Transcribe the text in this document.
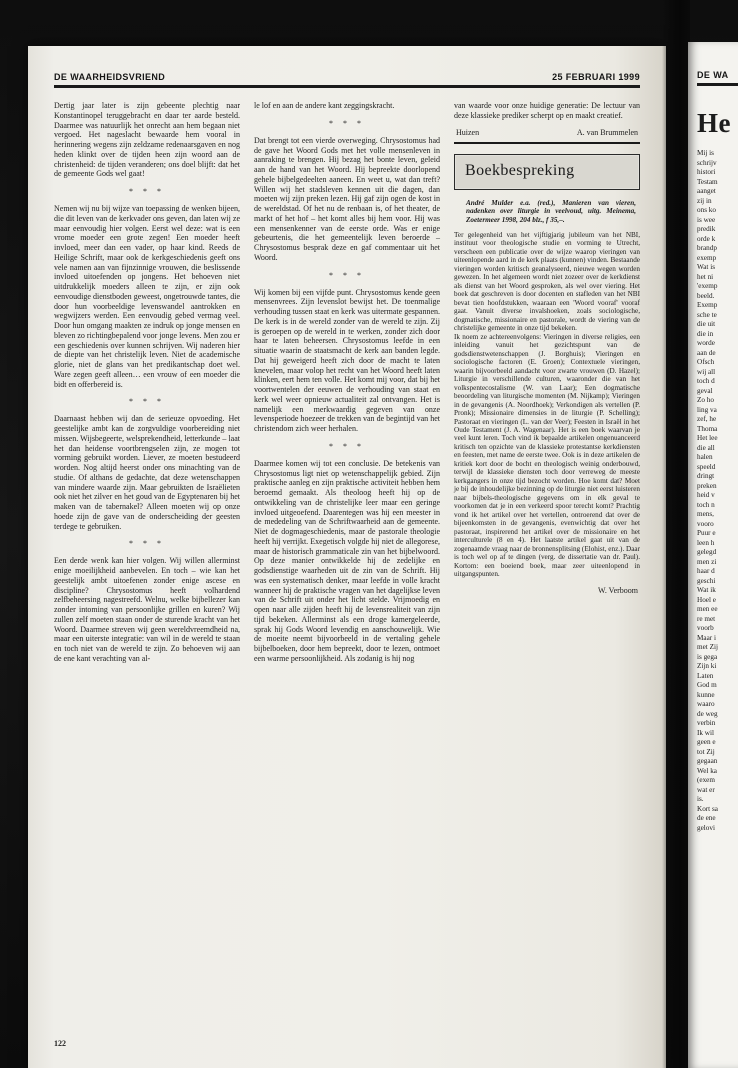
DE WAARHEIDSVRIEND	25 FEBRUARI 1999

Dertig jaar later is zijn gebeente plechtig naar Konstantinopel teruggebracht en daar ter aarde besteld. Daarmee was natuurlijk het onrecht aan hem begaan niet vergoed. Het nageslacht bewaarde hem vooral in herinnering wegens zijn zeldzame redenaarsgaven en nog heden klinkt over de tijden heen zijn woord aan de christenheid: de tijden veranderen; ons doel blijft: dat het de gemeente Gods wel gaat!

* * *

Nemen wij nu bij wijze van toepassing de wenken bijeen, die dit leven van de kerkvader ons geven, dan laten wij ze maar eenvoudig hier volgen. Eerst wel deze: wat is een vrome moeder een grote zegen! Een moeder heeft invloed, meer dan een vader, op haar kind. Reeds de Heilige Schrift, maar ook de kerkgeschiedenis geeft ons vele namen aan van fijnzinnige vrouwen, die beslissende invloed uitoefenden op jongens. Het behoeven niet uitdrukkelijk moeders alleen te zijn, er zijn ook eenvoudige dienstboden geweest, ongetrouwde tantes, die door hun voorbeeldige levenswandel aantrokken en wegwijzers werden. Een eenvoudig gebed vermag veel. Door hun omgang maakten ze indruk op jonge mensen en bleven zo richtingbepalend voor jonge levens. Men zou er een geschiedenis over kunnen schrijven. Wij naderen hier de diepte van het christelijk leven. Niet de academische glorie, niet de glans van het predikantschap doet wel. Ware zegen geeft alleen… een vrouw of een moeder die bidt en offerbereid is.

* * *

Daarnaast hebben wij dan de serieuze opvoeding. Het geestelijke ambt kan de zorgvuldige voorbereiding niet missen. Wijsbegeerte, welsprekendheid, letterkunde – laat het dan heidense voortbrengselen zijn, ze mogen tot vorming gebruikt worden. Liever, ze moeten bestudeerd worden. Nog altijd heerst onder ons minachting van de studie. Of althans de gedachte, dat deze wetenschappen van mindere waarde zijn. Maar gebruikten de Israëlieten ook niet het zilver en het goud van de Egyptenaren bij het maken van de tabernakel? Alleen moeten wij op onze hoede zijn de gave van de onderscheiding der geesten terdege te gebruiken.

* * *

Een derde wenk kan hier volgen. Wij willen allerminst enige moeilijkheid aanbevelen. En toch – wie kan het geestelijk ambt uitoefenen zonder enige ascese en discipline? Chrysostomus heeft volhardend zelfbeheersing nagestreefd. Welnu, welke bijbellezer kan zonder intoming van persoonlijke grillen en kuren? Wij zullen zelf moeten staan onder de sturende kracht van het Woord. Daarmee streven wij geen wereldvreemdheid na, maar een uiterste integratie: van wil in de wereld te staan en toch niet van de wereld te zijn. Zo behoeven wij aan de ene kant verachting van al-

le lof en aan de andere kant zeggingskracht.

* * *

Dat brengt tot een vierde overweging. Chrysostomus had de gave het Woord Gods met het volle mensenleven in aanraking te brengen. Hij bezag het bonte leven, geleid aan de hand van het Woord. Hij bepreekte doorlopend gehele bijbelgedeelten aaneen. En weet u, wat dan treft? Willen wij het stadsleven kennen uit die dagen, dan moeten wij zijn preken lezen. Hij gaf zijn ogen de kost in de wereldstad. Of het nu de renbaan is, of het theater, de markt of het hof – het komt alles bij hem voor. Hij was een mensenkenner van de eerste orde. Was er enige gebeurtenis, die het gemeentelijk leven beroerde – Chrysostomus besprak deze en gaf commentaar uit het Woord.

* * *

Wij komen bij een vijfde punt. Chrysostomus kende geen mensenvrees. Zijn levenslot bewijst het. De toenmalige verhouding tussen staat en kerk was uitermate gespannen. De kerk is in de wereld zonder van de wereld te zijn. Zij is geroepen op de wereld in te werken, zonder zich door haar te laten beheersen. Chrysostomus leefde in een situatie waarin de staatsmacht de kerk aan banden legde. Dat hij geweigerd heeft zich door de macht te laten knevelen, maar volop het recht van het Woord heeft laten klinken, eert hem ten volle. Het komt mij voor, dat bij het voortwentelen der eeuwen de verhouding van staat en kerk wel weer opnieuw actualiteit zal ontvangen. Het is namelijk een merkwaardig gegeven van onze levensperiode hoezeer de trekken van de begintijd van het christendom zich weer herhalen.

* * *

Daarmee komen wij tot een conclusie. De betekenis van Chrysostomus ligt niet op wetenschappelijk gebied. Zijn praktische aanleg en zijn praktische activiteit hebben hem beroemd gemaakt. Als theoloog heeft hij op de ontwikkeling van de christelijke leer maar een geringe invloed uitgeoefend. Daarentegen was hij een meester in de mededeling van de Schriftwaarheid aan de gemeente. Niet de dogmageschiedenis, maar de pastorale theologie heeft hij verrijkt. Exegetisch volgde hij niet de allegorese, maar de historisch grammaticale zin van het bijbelwoord. Op deze manier ontwikkelde hij de zedelijke en godsdienstige waarheden uit de zin van de Schrift. Hij was een systematisch denker, maar leefde in volle kracht wanneer hij de praktische vragen van het dagelijkse leven van de Schrift uit onder het licht stelde. Vrijmoedig en open naar alle zijden heeft hij de levensrealiteit van zijn tijd bekeken. Allerminst als een droge kamergeleerde, sprak hij Gods Woord levendig en aanschouwelijk. Wie de moeite neemt bijvoorbeeld in de vertaling gehele bijbelboeken, door hem bepreekt, door te lezen, ontmoet een warme persoonlijkheid. Als zodanig is hij nog

van waarde voor onze huidige generatie: De lectuur van deze klassieke prediker scherpt op en maakt creatief.

Huizen	A. van Brummelen
Boekbespreking

André Mulder e.a. (red.), Manieren van vieren, nadenken over liturgie in veelvoud, uitg. Meinema, Zoetermeer 1998, 204 blz., f 35,–.

Ter gelegenheid van het vijftigjarig jubileum van het NBI, instituut voor theologische studie en vorming te Utrecht, verscheen een publicatie over de wijze waarop vieringen van uiteenlopende aard in de kerk plaats (kunnen) vinden. Bestaande vieringen worden kritisch geanalyseerd, nieuwe wegen worden gewezen. In het algemeen wordt niet zozeer over de kerkdienst als dienst van het Woord gesproken, als wel over viering. Het boek dat geschreven is door docenten en stafleden van het NBI bevat tien hoofdstukken, waaraan een 'Woord vooraf' vooraf gaat. Vanuit diverse invalshoeken, zoals sociologische, dogmatische, missionaire en pastorale, wordt de viering van de christelijke gemeente in onze tijd bekeken.

Ik noem ze achtereenvolgens: Vieringen in diverse religies, een inleiding vanuit het gezichtspunt van de godsdienstwetenschappen (J. Borghuis); Vieringen en sociologische factoren (E. Groen); Contextuele vieringen, waarin bijvoorbeeld aandacht voor zwarte vrouwen (D. Hazel); Liturgie in verschillende culturen, waaronder die van het volkspentecostalisme (W. van Laar); Een dogmatische beoordeling van liturgische momenten (M. Nijkamp); Vieringen in de gevangenis (A. Noordhoek); Verkondigen als vertellen (P. Pronk); Missionaire dimensies in de liturgie (P. Schelling); Pastoraat en vieringen (L. van der Veer); Feesten in Israël in het Oude Testament (J. A. Wagenaar). Het is een boek waarvan je veel kunt leren. Toch vind ik bepaalde artikelen ongenuanceerd kritisch ten opzichte van de klassieke protestantse kerkdiensten en feesten, met name de eerste twee. Ook is in deze artikelen de kritiek kort door de bocht en theologisch weinig onderbouwd, terwijl de klassieke diensten toch door verreweg de meeste kerkgangers in onze tijd bezocht worden. Hoe komt dat? Moet je bij de inhoudelijke bezinning op de liturgie niet eerst luisteren naar bijbels-theologische gegevens om in elk geval te voorkomen dat je in een verkeerd spoor terecht komt? Prachtig vond ik het artikel over het vertellen, ontroerend dat over de bijeenkomsten in de gevangenis, evenwichtig dat over het pastoraat, inspirerend het artikel over de missionaire en het interculturele (8 en 4). Het laatste artikel gaat uit van de zogenaamde vraag naar de bronnensplitsing (Elohist, enz.). Daar is toch wel op af te dingen (verg. de dissertatie van dr. Paul). Kortom: een boeiend boek, maar zeer uiteenlopend in uitgangspunten.

W. Verboom
122
DE WA
He
Mij is
schrijv
histori
Testam
aanget
zij in
ons ko
is wee
predik
orde k
brandp
exemp
Wat is
het ni
'exemp
beeld.
Exemp
sche te
die uit
die in
worde
aan de
Ofsch
wij all
toch d
geval
Zo ho
ling va
zef, he
Thoma
Het lee
die all
halen
speeld
dringt
preken
heid v
toch n
mens,
vooro
Puur e
leen h
gelegd
men zi
haar d
geschi
Wat ik
Hoel e
men ee
re met
voorb
Maar i
met Zij
is gega
Zijn ki
Laten
God m
kunne
waaro
de weg
verbin
Ik wil
geen e
tot Zij
gegaan
Wel ka
(exem
wat er
is.
Kort sa
de ene
gelovi
